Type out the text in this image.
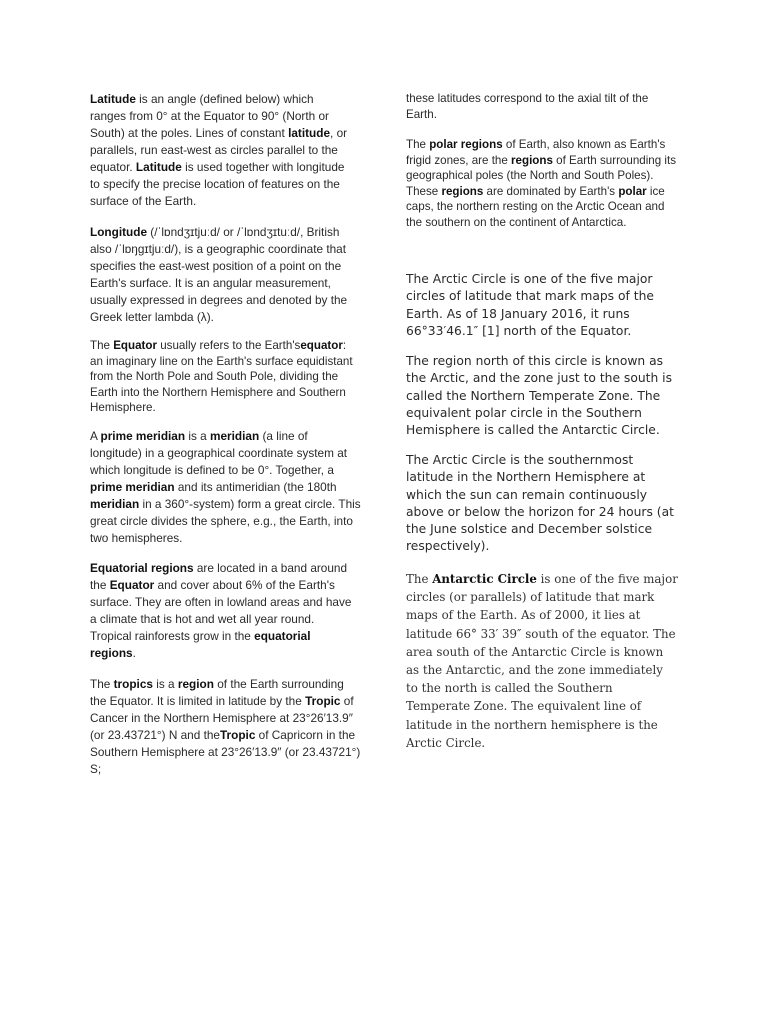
Latitude is an angle (defined below) which ranges from 0° at the Equator to 90° (North or South) at the poles. Lines of constant latitude, or parallels, run east-west as circles parallel to the equator. Latitude is used together with longitude to specify the precise location of features on the surface of the Earth.

Longitude (/ˈlɒndʒɪtjuːd/ or /ˈlɒndʒɪtuːd/, British also /ˈlɒŋɡɪtjuːd/), is a geographic coordinate that specifies the east-west position of a point on the Earth's surface. It is an angular measurement, usually expressed in degrees and denoted by the Greek letter lambda (λ).

The Equator usually refers to the Earth'sequator: an imaginary line on the Earth's surface equidistant from the North Pole and South Pole, dividing the Earth into the Northern Hemisphere and Southern Hemisphere.

A prime meridian is a meridian (a line of longitude) in a geographical coordinate system at which longitude is defined to be 0°. Together, a prime meridian and its antimeridian (the 180th meridian in a 360°-system) form a great circle. This great circle divides the sphere, e.g., the Earth, into two hemispheres.

Equatorial regions are located in a band around the Equator and cover about 6% of the Earth's surface. They are often in lowland areas and have a climate that is hot and wet all year round. Tropical rainforests grow in the equatorial regions.

The tropics is a region of the Earth surrounding the Equator. It is limited in latitude by the Tropic of Cancer in the Northern Hemisphere at 23°26′13.9″ (or 23.43721°) N and theTropic of Capricorn in the Southern Hemisphere at 23°26′13.9″ (or 23.43721°) S;

these latitudes correspond to the axial tilt of the Earth.

The polar regions of Earth, also known as Earth's frigid zones, are the regions of Earth surrounding its geographical poles (the North and South Poles). These regions are dominated by Earth's polar ice caps, the northern resting on the Arctic Ocean and the southern on the continent of Antarctica.

The Arctic Circle is one of the five major circles of latitude that mark maps of the Earth. As of 18 January 2016, it runs 66°33′46.1″ [1] north of the Equator.

The region north of this circle is known as the Arctic, and the zone just to the south is called the Northern Temperate Zone. The equivalent polar circle in the Southern Hemisphere is called the Antarctic Circle.

The Arctic Circle is the southernmost latitude in the Northern Hemisphere at which the sun can remain continuously above or below the horizon for 24 hours (at the June solstice and December solstice respectively).

The Antarctic Circle is one of the five major circles (or parallels) of latitude that mark maps of the Earth. As of 2000, it lies at latitude 66° 33′ 39″ south of the equator. The area south of the Antarctic Circle is known as the Antarctic, and the zone immediately to the north is called the Southern Temperate Zone. The equivalent line of latitude in the northern hemisphere is the Arctic Circle.
